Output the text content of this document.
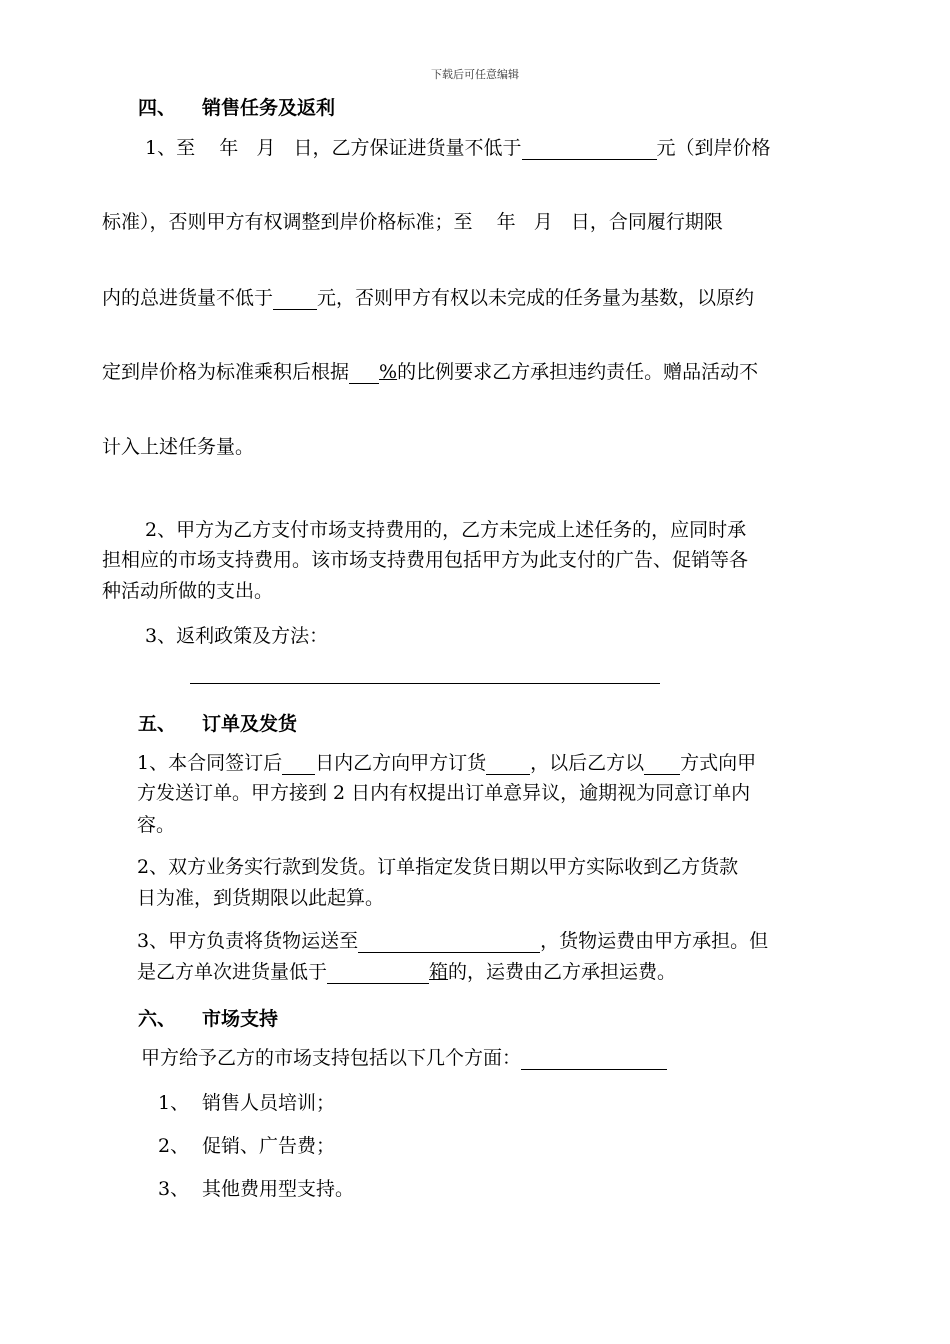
下载后可任意编辑
四、 销售任务及返利
1、至    年   月   日，乙方保证进货量不低于	元（到岸价格
标准），否则甲方有权调整到岸价格标准；至    年   月   日，合同履行期限
内的总进货量不低于 元，否则甲方有权以未完成的任务量为基数，以原约
定到岸价格为标准乘积后根据 %的比例要求乙方承担违约责任。赠品活动不
计入上述任务量。
2、甲方为乙方支付市场支持费用的，乙方未完成上述任务的，应同时承
担相应的市场支持费用。该市场支持费用包括甲方为此支付的广告、促销等各
种活动所做的支出。
3、返利政策及方法：
五、 订单及发货
1、本合同签订后 日内乙方向甲方订货 ，以后乙方以 方式向甲
方发送订单。甲方接到 2 日内有权提出订单意异议，逾期视为同意订单内
容。
2、双方业务实行款到发货。订单指定发货日期以甲方实际收到乙方货款
日为准，到货期限以此起算。
3、甲方负责将货物运送至	，货物运费由甲方承担。但
是乙方单次进货量低于	箱的，运费由乙方承担运费。
六、 市场支持
甲方给予乙方的市场支持包括以下几个方面：
1、 销售人员培训；
2、 促销、广告费；
3、 其他费用型支持。
